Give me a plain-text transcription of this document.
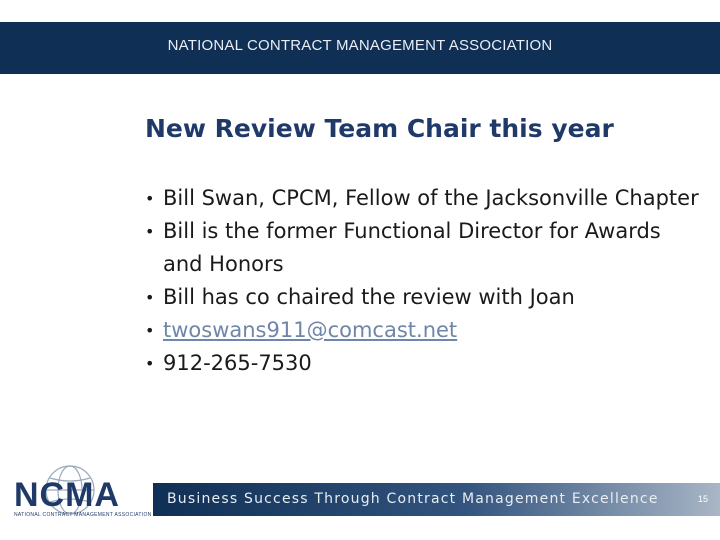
NATIONAL CONTRACT MANAGEMENT ASSOCIATION
New Review Team Chair this year
• Bill Swan, CPCM, Fellow of the Jacksonville Chapter
• Bill is the former Functional Director for Awards and Honors
• Bill has co chaired the review with Joan
• twoswans911@comcast.net
• 912-265-7530
NCMA
NATIONAL CONTRACT MANAGEMENT ASSOCIATION
Business Success Through Contract Management Excellence	15
